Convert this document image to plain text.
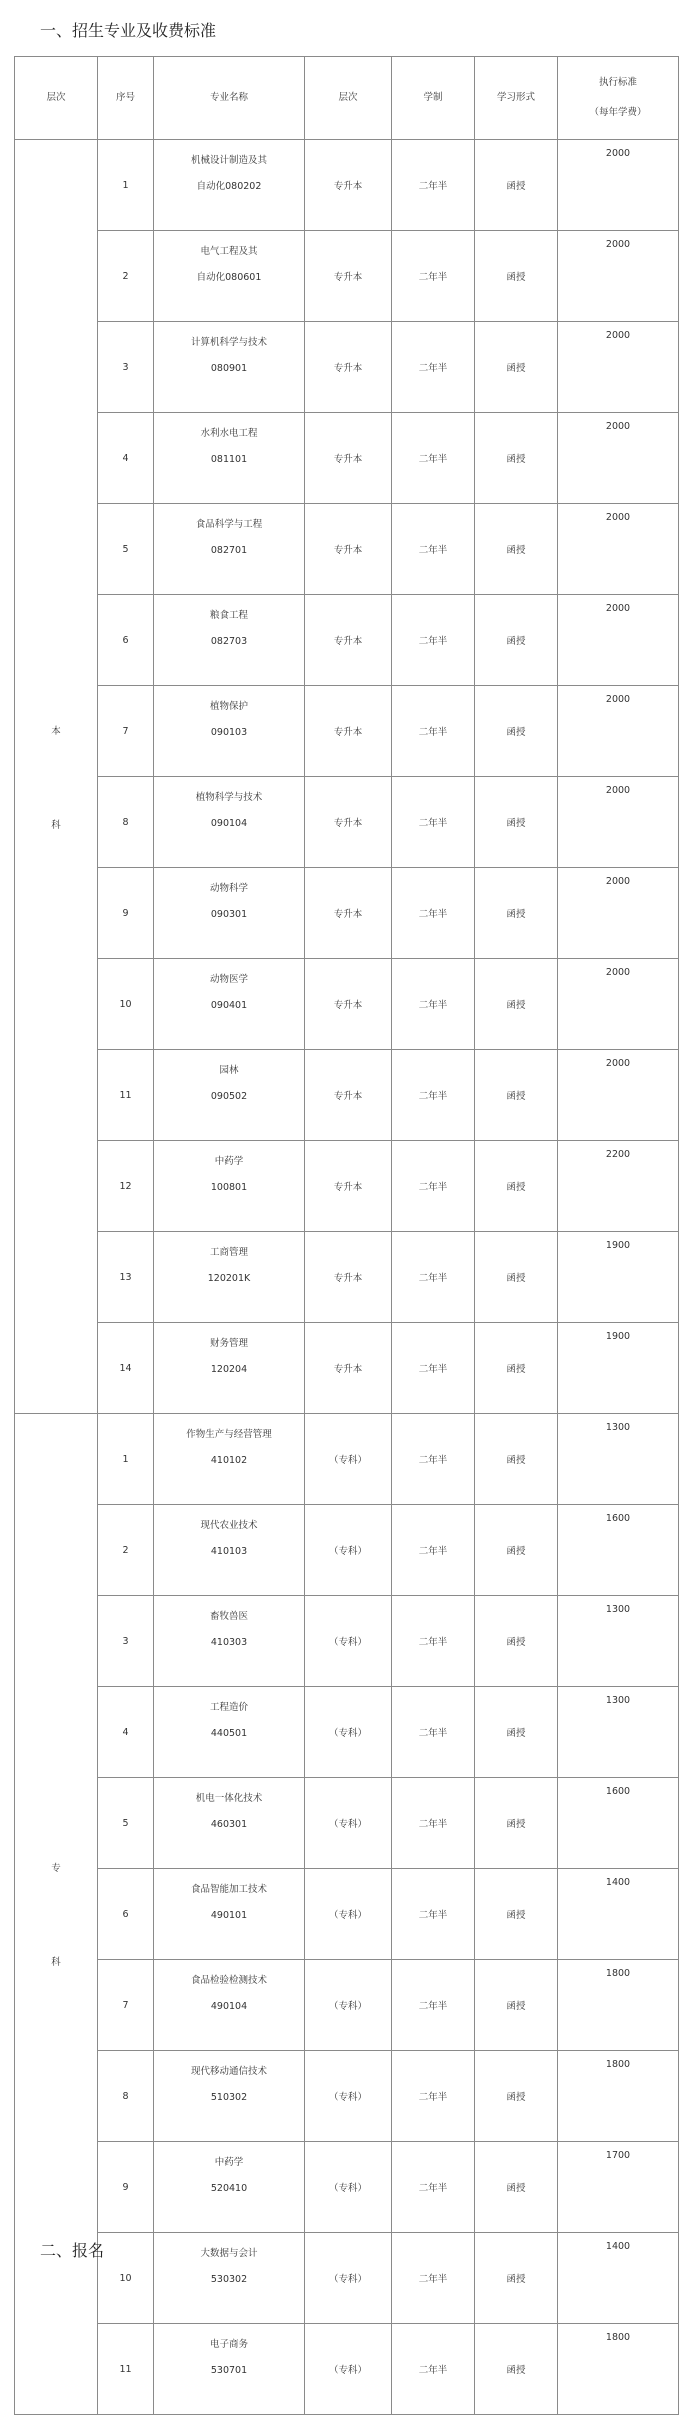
一、招生专业及收费标准
层次	序号	专业名称	层次	学制	学习形式	执行标准
（每年学费）

本
科	1	机械设计制造及其
自动化080202	专升本	二年半	函授	2000
	2	电气工程及其
自动化080601	专升本	二年半	函授	2000
	3	计算机科学与技术
080901	专升本	二年半	函授	2000
	4	水利水电工程
081101	专升本	二年半	函授	2000
	5	食品科学与工程
082701	专升本	二年半	函授	2000
	6	粮食工程
082703	专升本	二年半	函授	2000
	7	植物保护
090103	专升本	二年半	函授	2000
	8	植物科学与技术
090104	专升本	二年半	函授	2000
	9	动物科学
090301	专升本	二年半	函授	2000
	10	动物医学
090401	专升本	二年半	函授	2000
	11	园林
090502	专升本	二年半	函授	2000
	12	中药学
100801	专升本	二年半	函授	2200
	13	工商管理
120201K	专升本	二年半	函授	1900
	14	财务管理
120204	专升本	二年半	函授	1900

专
科	1	作物生产与经营管理
410102	（专科）	二年半	函授	1300
	2	现代农业技术
410103	（专科）	二年半	函授	1600
	3	畜牧兽医
410303	（专科）	二年半	函授	1300
	4	工程造价
440501	（专科）	二年半	函授	1300
	5	机电一体化技术
460301	（专科）	二年半	函授	1600
	6	食品智能加工技术
490101	（专科）	二年半	函授	1400
	7	食品检验检测技术
490104	（专科）	二年半	函授	1800
	8	现代移动通信技术
510302	（专科）	二年半	函授	1800
	9	中药学
520410	（专科）	二年半	函授	1700
	10	大数据与会计
530302	（专科）	二年半	函授	1400
	11	电子商务
530701	（专科）	二年半	函授	1800
二、报名
